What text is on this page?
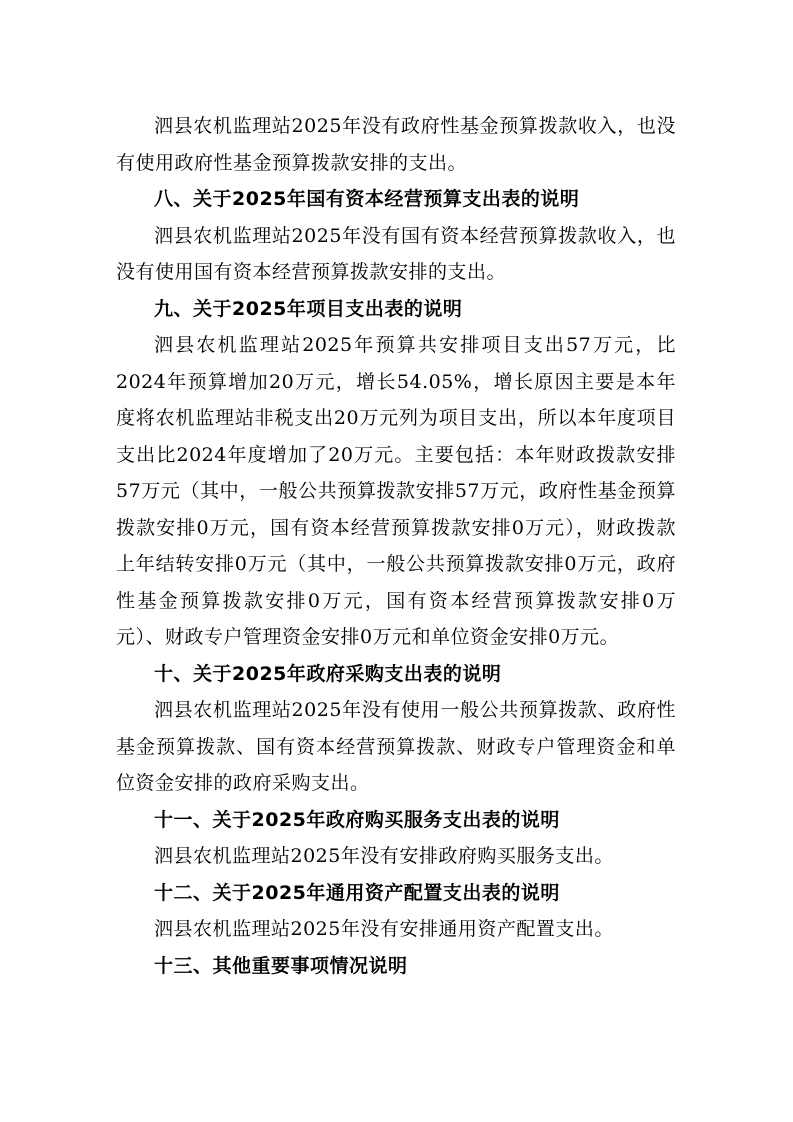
泗县农机监理站2025年没有政府性基金预算拨款收入，也没有使用政府性基金预算拨款安排的支出。

八、关于2025年国有资本经营预算支出表的说明

泗县农机监理站2025年没有国有资本经营预算拨款收入，也没有使用国有资本经营预算拨款安排的支出。

九、关于2025年项目支出表的说明

泗县农机监理站2025年预算共安排项目支出57万元，比2024年预算增加20万元，增长54.05%，增长原因主要是本年度将农机监理站非税支出20万元列为项目支出，所以本年度项目支出比2024年度增加了20万元。主要包括：本年财政拨款安排57万元（其中，一般公共预算拨款安排57万元，政府性基金预算拨款安排0万元，国有资本经营预算拨款安排0万元），财政拨款上年结转安排0万元（其中，一般公共预算拨款安排0万元，政府性基金预算拨款安排0万元，国有资本经营预算拨款安排0万元）、财政专户管理资金安排0万元和单位资金安排0万元。

十、关于2025年政府采购支出表的说明

泗县农机监理站2025年没有使用一般公共预算拨款、政府性基金预算拨款、国有资本经营预算拨款、财政专户管理资金和单位资金安排的政府采购支出。

十一、关于2025年政府购买服务支出表的说明

泗县农机监理站2025年没有安排政府购买服务支出。

十二、关于2025年通用资产配置支出表的说明

泗县农机监理站2025年没有安排通用资产配置支出。

十三、其他重要事项情况说明
